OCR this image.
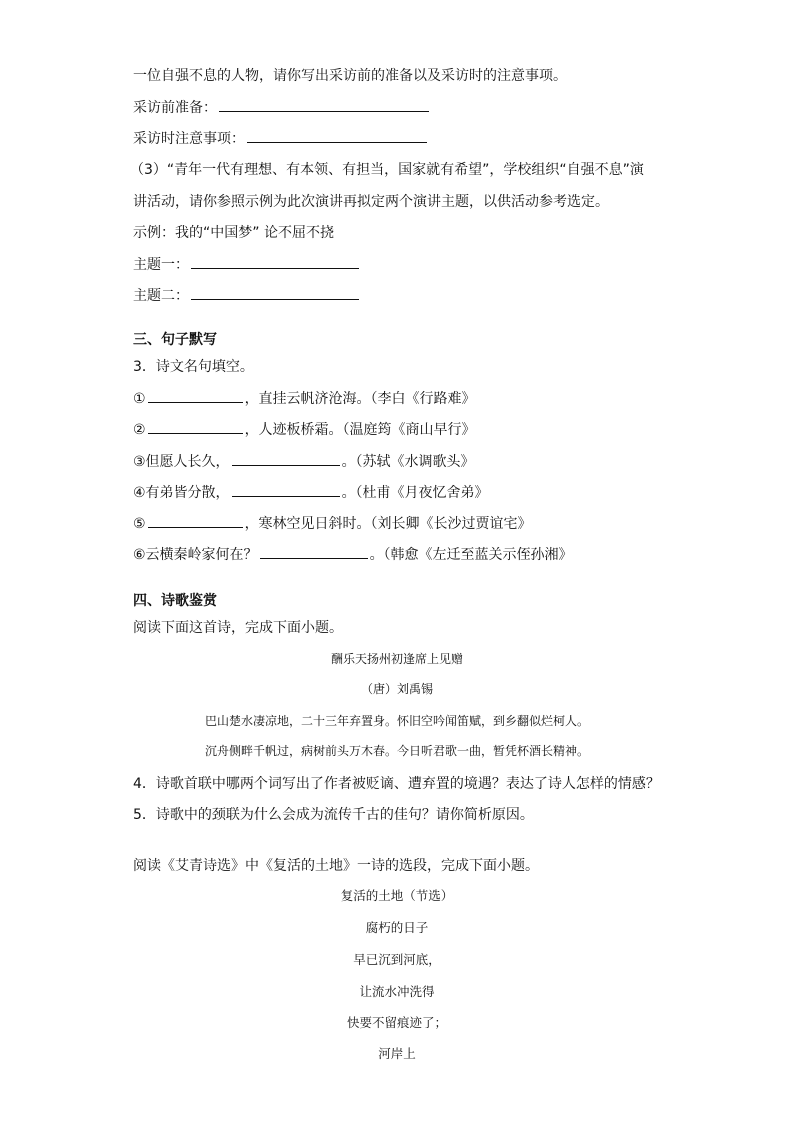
一位自强不息的人物，请你写出采访前的准备以及采访时的注意事项。
采访前准备：
采访时注意事项：
（3）“青年一代有理想、有本领、有担当，国家就有希望”，学校组织“自强不息”演
讲活动，请你参照示例为此次演讲再拟定两个演讲主题，以供活动参考选定。
示例：我的“中国梦” 论不屈不挠
主题一：
主题二：
三、句子默写
3．诗文名句填空。
①	，直挂云帆济沧海。（李白《行路难》
②	，人迹板桥霜。（温庭筠《商山早行》
③但愿人长久，	。（苏轼《水调歌头》
④有弟皆分散，	。（杜甫《月夜忆舍弟》
⑤	，寒林空见日斜时。（刘长卿《长沙过贾谊宅》
⑥云横秦岭家何在？	。（韩愈《左迁至蓝关示侄孙湘》
四、诗歌鉴赏
阅读下面这首诗，完成下面小题。
酬乐天扬州初逢席上见赠
（唐）刘禹锡
巴山楚水凄凉地，二十三年弃置身。怀旧空吟闻笛赋，到乡翻似烂柯人。
沉舟侧畔千帆过，病树前头万木春。今日听君歌一曲，暂凭杯酒长精神。
4．诗歌首联中哪两个词写出了作者被贬谪、遭弃置的境遇？表达了诗人怎样的情感？
5．诗歌中的颈联为什么会成为流传千古的佳句？请你简析原因。
阅读《艾青诗选》中《复活的土地》一诗的选段，完成下面小题。
复活的土地（节选）
腐朽的日子
早已沉到河底，
让流水冲洗得
快要不留痕迹了；
河岸上
